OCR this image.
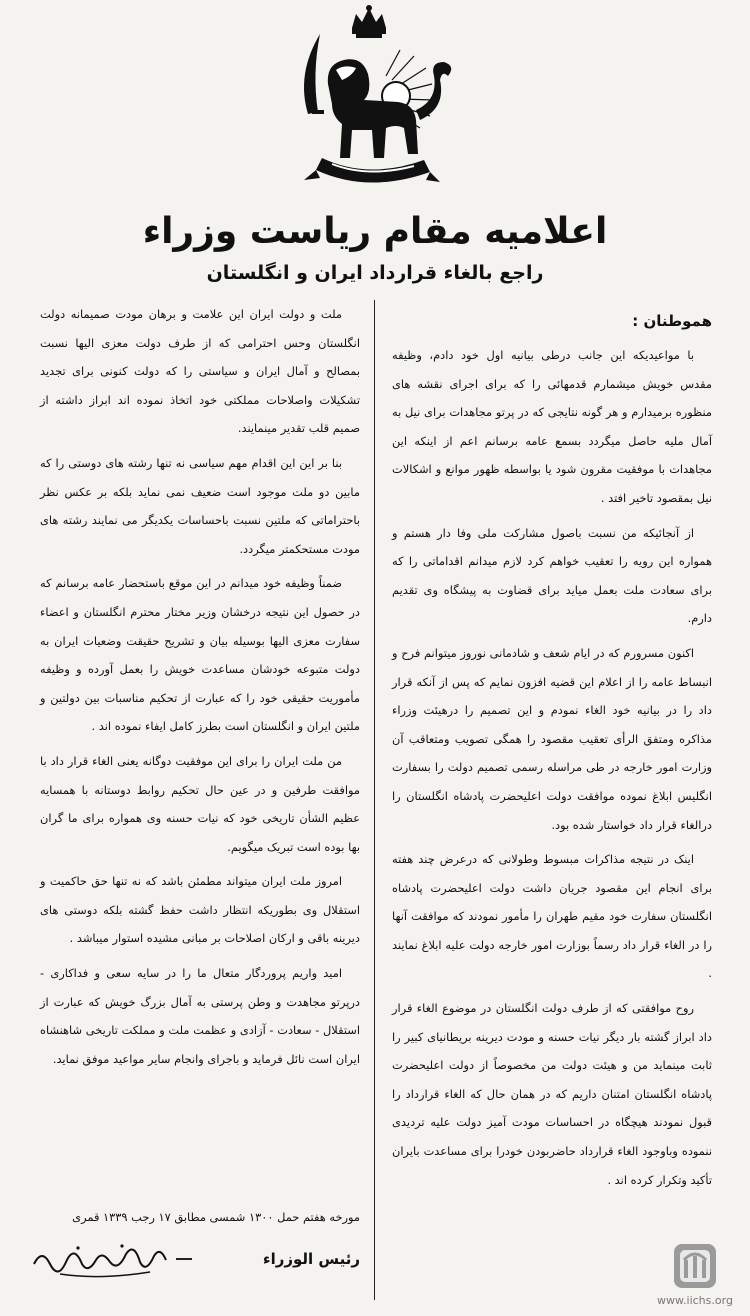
اعلامیه مقام ریاست وزراء
راجع بالغاء قرارداد ایران و انگلستان

هموطنان :

با مواعیدیکه این جانب درطی بیانیه اول خود دادم، وظیفه مقدس خویش میشمارم قدمهائی را که برای اجرای نقشه های منظوره برمیدارم و هر گونه نتایجی که در پرتو مجاهدات برای نیل به آمال ملیه حاصل میگردد بسمع عامه برسانم اعم از اینکه این مجاهدات با موفقیت مقرون شود یا بواسطه ظهور موانع و اشکالات نیل بمقصود تاخیر افتد .

از آنجائیکه من نسبت باصول مشارکت ملی وفا دار هستم و همواره این رویه را تعقیب خواهم کرد لازم میدانم اقداماتی را که برای سعادت ملت بعمل میاید برای قضاوت به پیشگاه وی تقدیم دارم.

اکنون مسرورم که در ایام شعف و شادمانی نوروز میتوانم فرح و انبساط عامه را از اعلام این قضیه افزون نمایم که پس از آنکه قرار داد را در بیانیه خود الغاء نمودم و این تصمیم را درهیئت وزراء مذاکره ومتفق الرأی تعقیب مقصود را همگی تصویب ومتعاقب آن وزارت امور خارجه در طی مراسله رسمی تصمیم دولت را بسفارت انگلیس ابلاغ نموده موافقت دولت اعلیحضرت پادشاه انگلستان را درالغاء قرار داد خواستار شده بود.

اینک در نتیجه مذاکرات مبسوط وطولانی که درعرض چند هفته برای انجام این مقصود جریان داشت دولت اعلیحضرت پادشاه انگلستان سفارت خود مقیم طهران را مأمور نمودند که موافقت آنها را در الغاء قرار داد رسماً بوزارت امور خارجه دولت علیه ابلاغ نمایند .

روح موافقتی که از طرف دولت انگلستان در موضوع الغاء قرار داد ابراز گشته بار دیگر نیات حسنه و مودت دیرینه بریطانیای کبیر را ثابت مینماید من و هیئت دولت من مخصوصاً از دولت اعلیحضرت پادشاه انگلستان امتنان داریم که در همان حال که الغاء قرارداد را قبول نمودند هیچگاه در احساسات مودت آمیز دولت علیه تردیدی ننموده وباوجود الغاء قرارداد حاضربودن خودرا برای مساعدت بایران تأکید وتکرار کرده اند .

ملت و دولت ایران این علامت و برهان مودت صمیمانه دولت انگلستان وحس احترامی که از طرف دولت معزی الیها نسبت بمصالح و آمال ایران و سیاستی را که دولت کنونی برای تجدید تشکیلات واصلاحات مملکتی خود اتخاذ نموده اند ابراز داشته از صمیم قلب تقدیر مینمایند.

بنا بر این این اقدام مهم سیاسی نه تنها رشته های دوستی را که مابین دو ملت موجود است ضعیف نمی نماید بلکه بر عکس نظر باحتراماتی که ملتین نسبت باحساسات یکدیگر می نمایند رشته های مودت مستحکمتر میگردد.

ضمناً وظیفه خود میدانم در این موقع باستحضار عامه برسانم که در حصول این نتیجه درخشان وزیر مختار محترم انگلستان و اعضاء سفارت معزی الیها بوسیله بیان و تشریح حقیقت وضعیات ایران به دولت متبوعه خودشان مساعدت خویش را بعمل آورده و وظیفه مأموریت حقیقی خود را که عبارت از تحکیم مناسبات بین دولتین و ملتین ایران و انگلستان است بطرز کامل ایفاء نموده اند .

من ملت ایران را برای این موفقیت دوگانه یعنی الغاء قرار داد با موافقت طرفین و در عین حال تحکیم روابط دوستانه با همسایه عظیم الشأن تاریخی خود که نیات حسنه وی همواره برای ما گران بها بوده است تبریک میگویم.

امروز ملت ایران میتواند مطمئن باشد که نه تنها حق حاکمیت و استقلال وی بطوریکه انتظار داشت حفظ گشته بلکه دوستی های دیرینه باقی و ارکان اصلاحات بر مبانی مشیده استوار میباشد .

امید واریم پروردگار متعال ما را در سایه سعی و فداکاری - درپرتو مجاهدت و وطن پرستی به آمال بزرگ خویش که عبارت از استقلال - سعادت - آزادی و عظمت ملت و مملکت تاریخی شاهنشاه ایران است نائل فرماید و باجرای وانجام سایر مواعید موفق نماید.

مورخه هفتم حمل ۱۳۰۰ شمسی مطابق ۱۷ رجب ۱۳۳۹ قمری
رئیس الوزراء
www.iichs.org
